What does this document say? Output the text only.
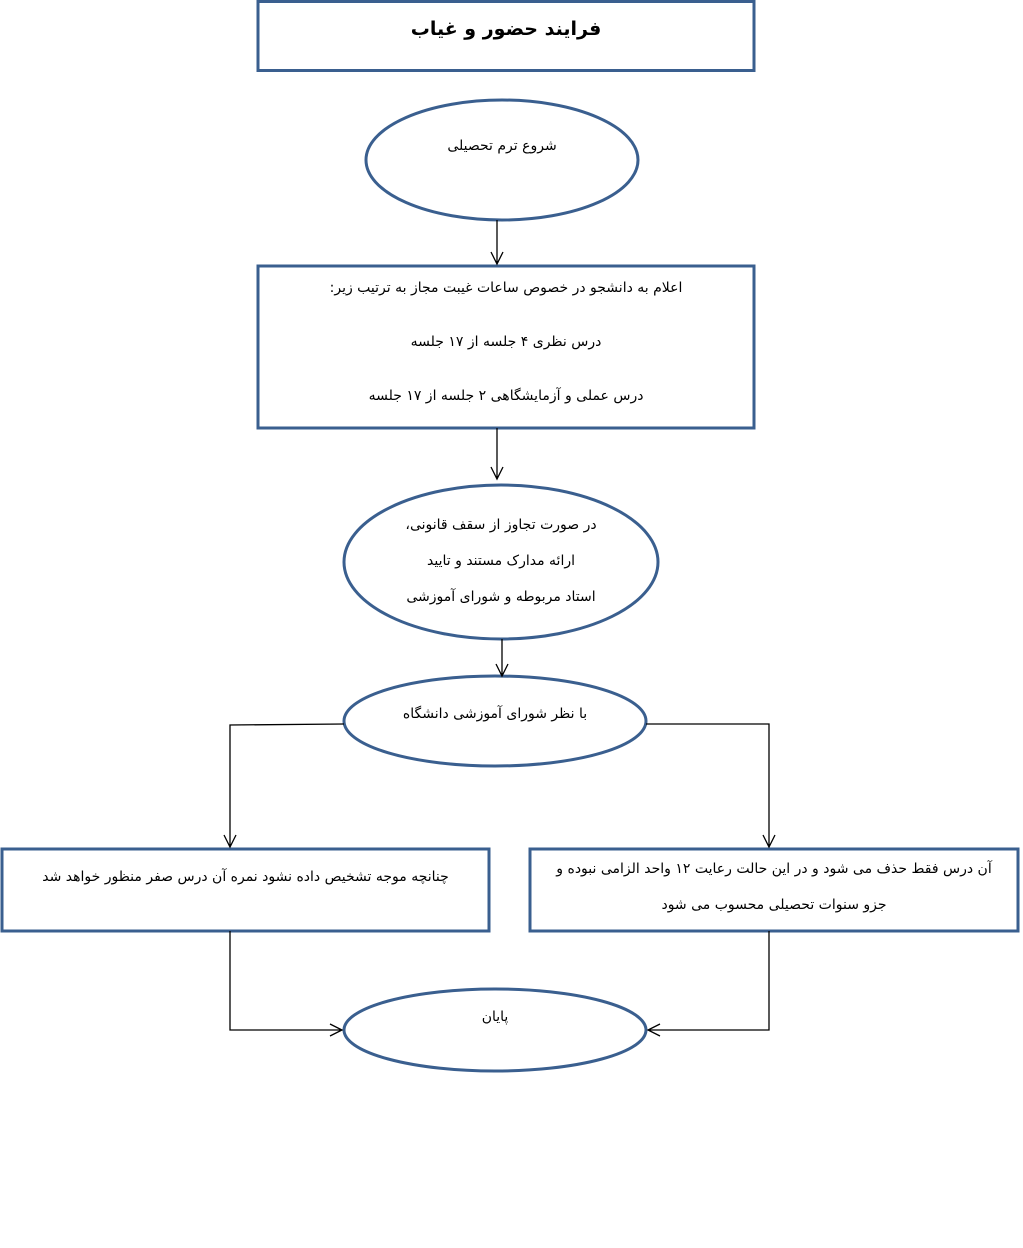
فرایند حضور و غیاب
شروع ترم تحصیلی
اعلام به دانشجو در خصوص ساعات غیبت مجاز به ترتیب زیر:
درس نظری ۴ جلسه از ۱۷ جلسه
درس عملی و آزمایشگاهی ۲ جلسه از ۱۷ جلسه
در صورت تجاوز از سقف قانونی،
ارائه مدارک مستند و تایید
استاد مربوطه و شورای آموزشی
با نظر شورای آموزشی دانشگاه
چنانچه موجه تشخیص داده نشود نمره آن درس صفر منظور خواهد شد	آن درس فقط حذف می شود و در این حالت رعایت ۱۲ واحد الزامی نبوده و
جزو سنوات تحصیلی محسوب می شود
پایان
